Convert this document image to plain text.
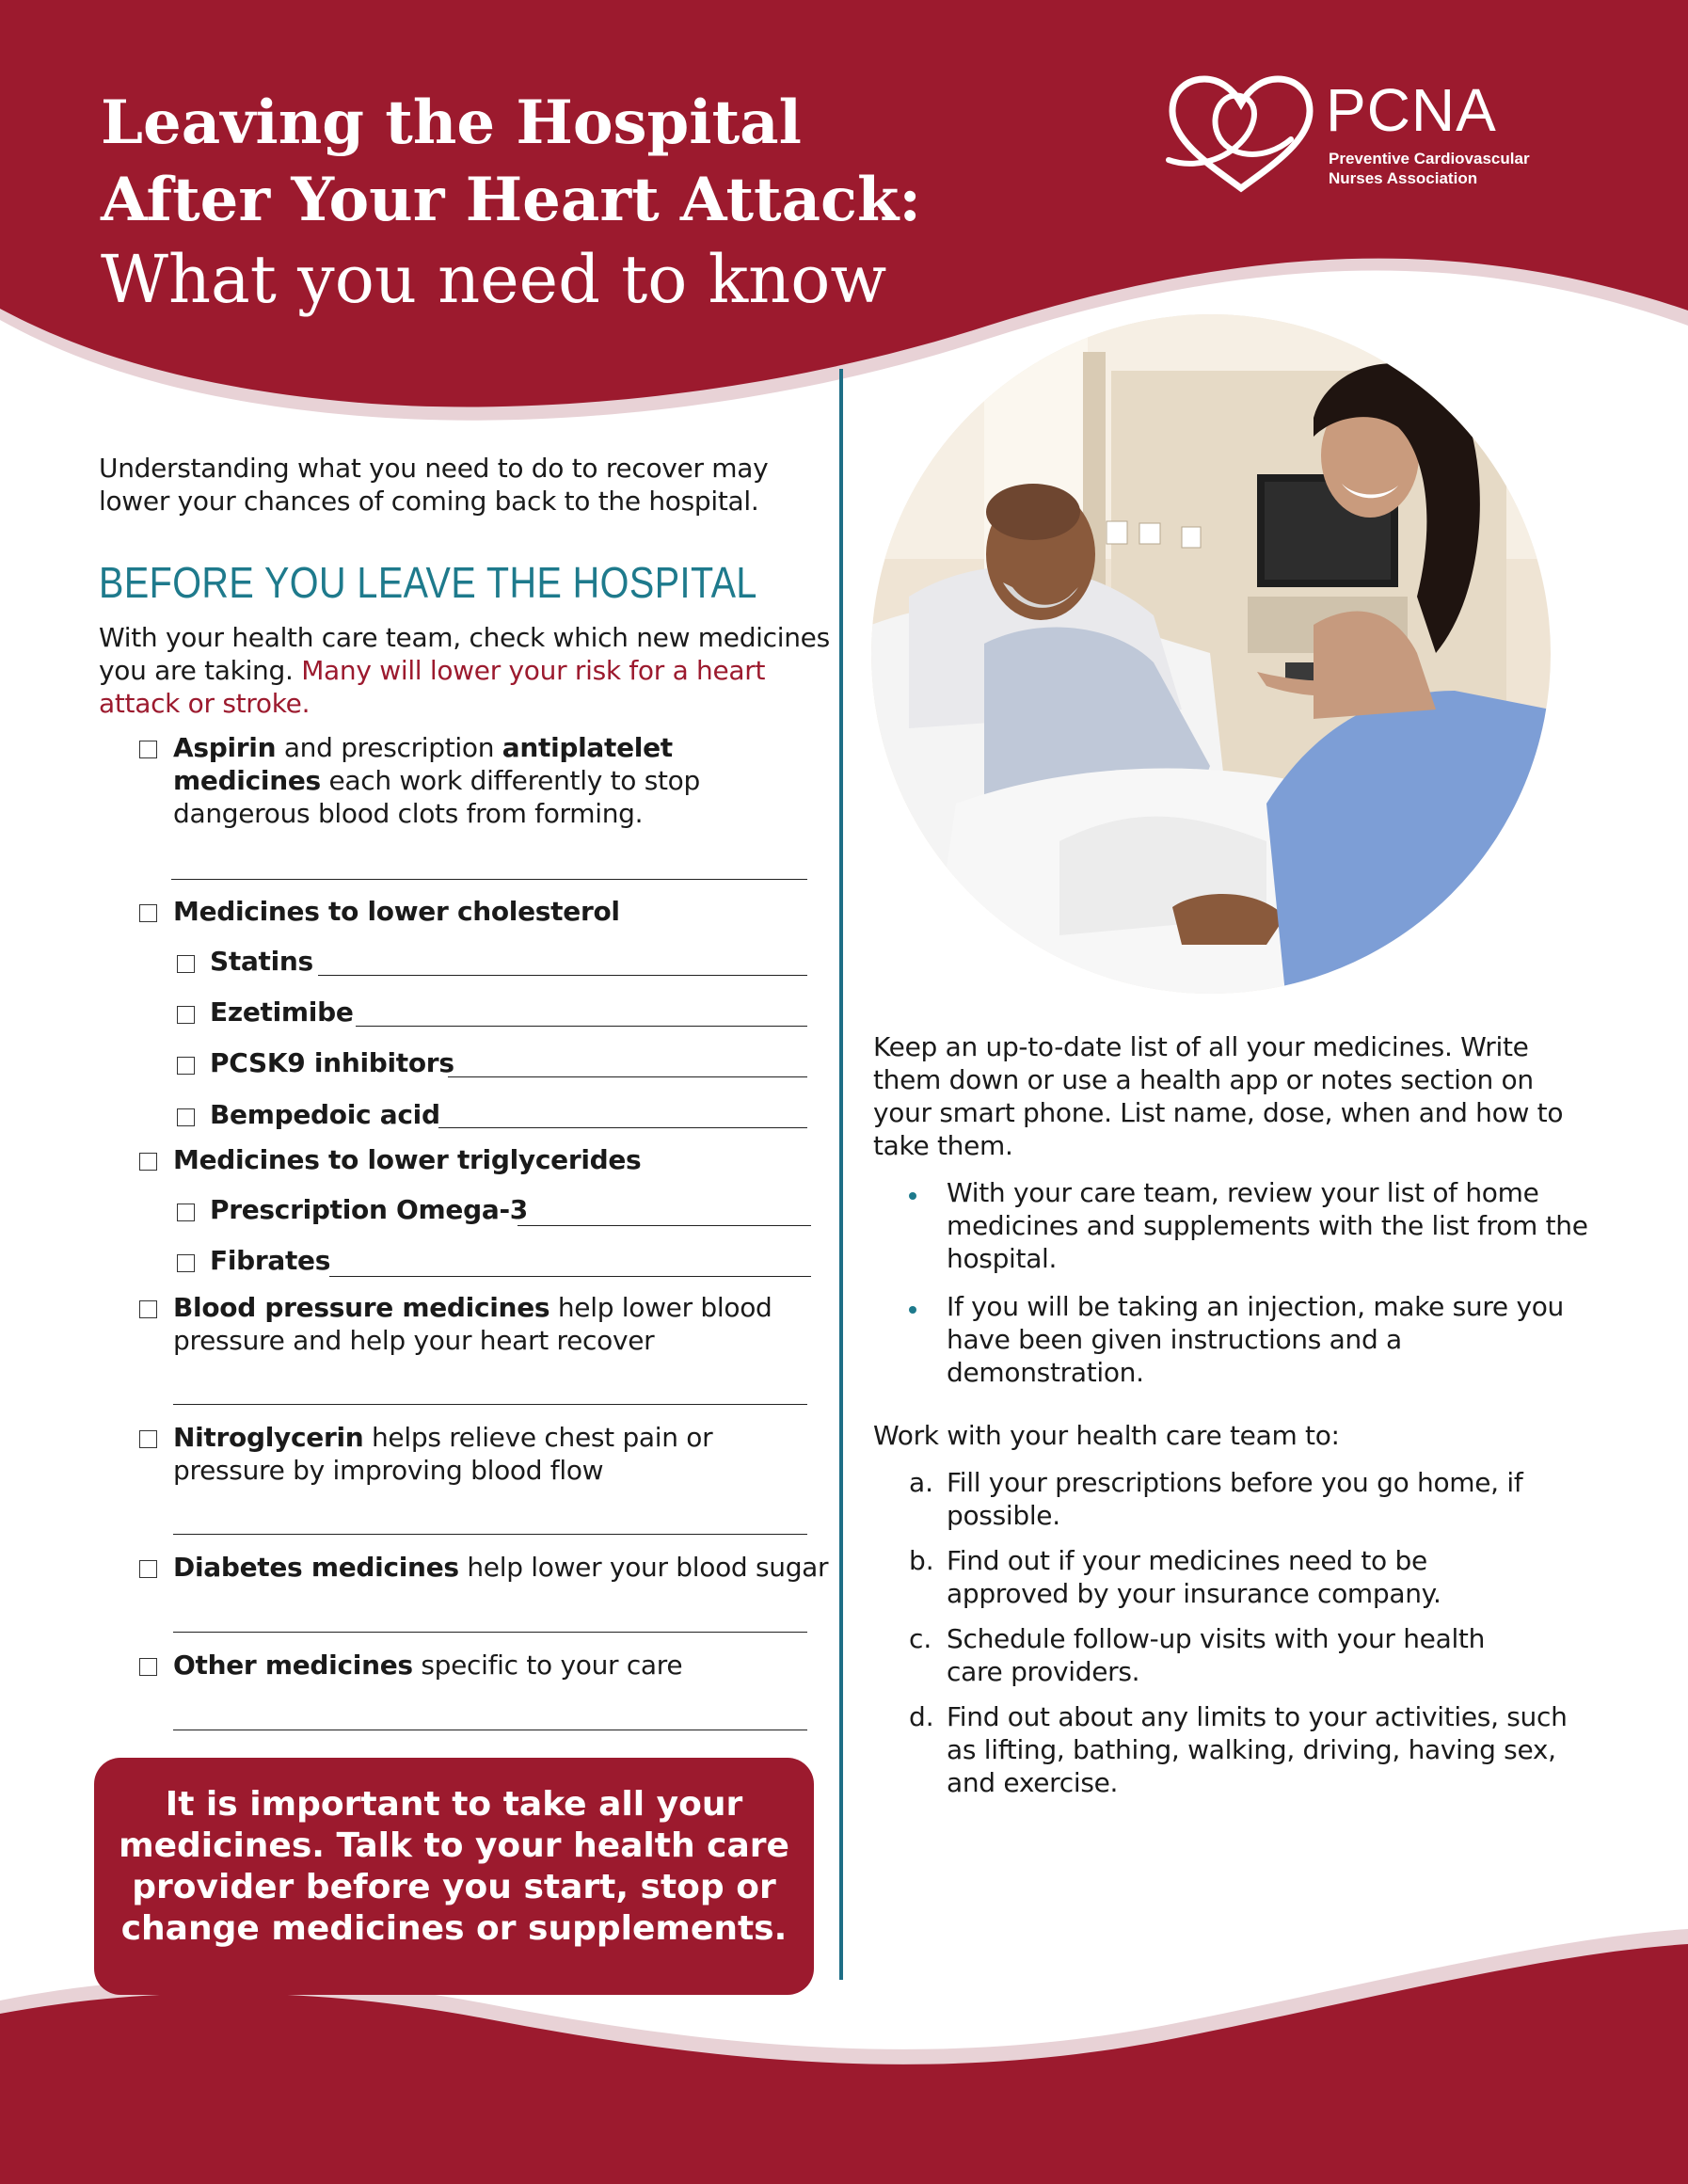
Leaving the Hospital
After Your Heart Attack:
What you need to know
PCNA
Preventive Cardiovascular
Nurses Association

Understanding what you need to do to recover may lower your chances of coming back to the hospital.

BEFORE YOU LEAVE THE HOSPITAL

With your health care team, check which new medicines you are taking. Many will lower your risk for a heart attack or stroke.

Aspirin and prescription antiplatelet medicines each work differently to stop dangerous blood clots from forming.
Medicines to lower cholesterol
Statins
Ezetimibe
PCSK9 inhibitors
Bempedoic acid
Medicines to lower triglycerides
Prescription Omega-3
Fibrates
Blood pressure medicines help lower blood pressure and help your heart recover
Nitroglycerin helps relieve chest pain or pressure by improving blood flow
Diabetes medicines help lower your blood sugar
Other medicines specific to your care

It is important to take all your medicines. Talk to your health care provider before you start, stop or change medicines or supplements.

Keep an up-to-date list of all your medicines. Write them down or use a health app or notes section on your smart phone. List name, dose, when and how to take them.

With your care team, review your list of home medicines and supplements with the list from the hospital.

If you will be taking an injection, make sure you have been given instructions and a demonstration.

Work with your health care team to:

a. Fill your prescriptions before you go home, if possible.

b. Find out if your medicines need to be approved by your insurance company.

c. Schedule follow-up visits with your health care providers.

d. Find out about any limits to your activities, such as lifting, bathing, walking, driving, having sex, and exercise.
